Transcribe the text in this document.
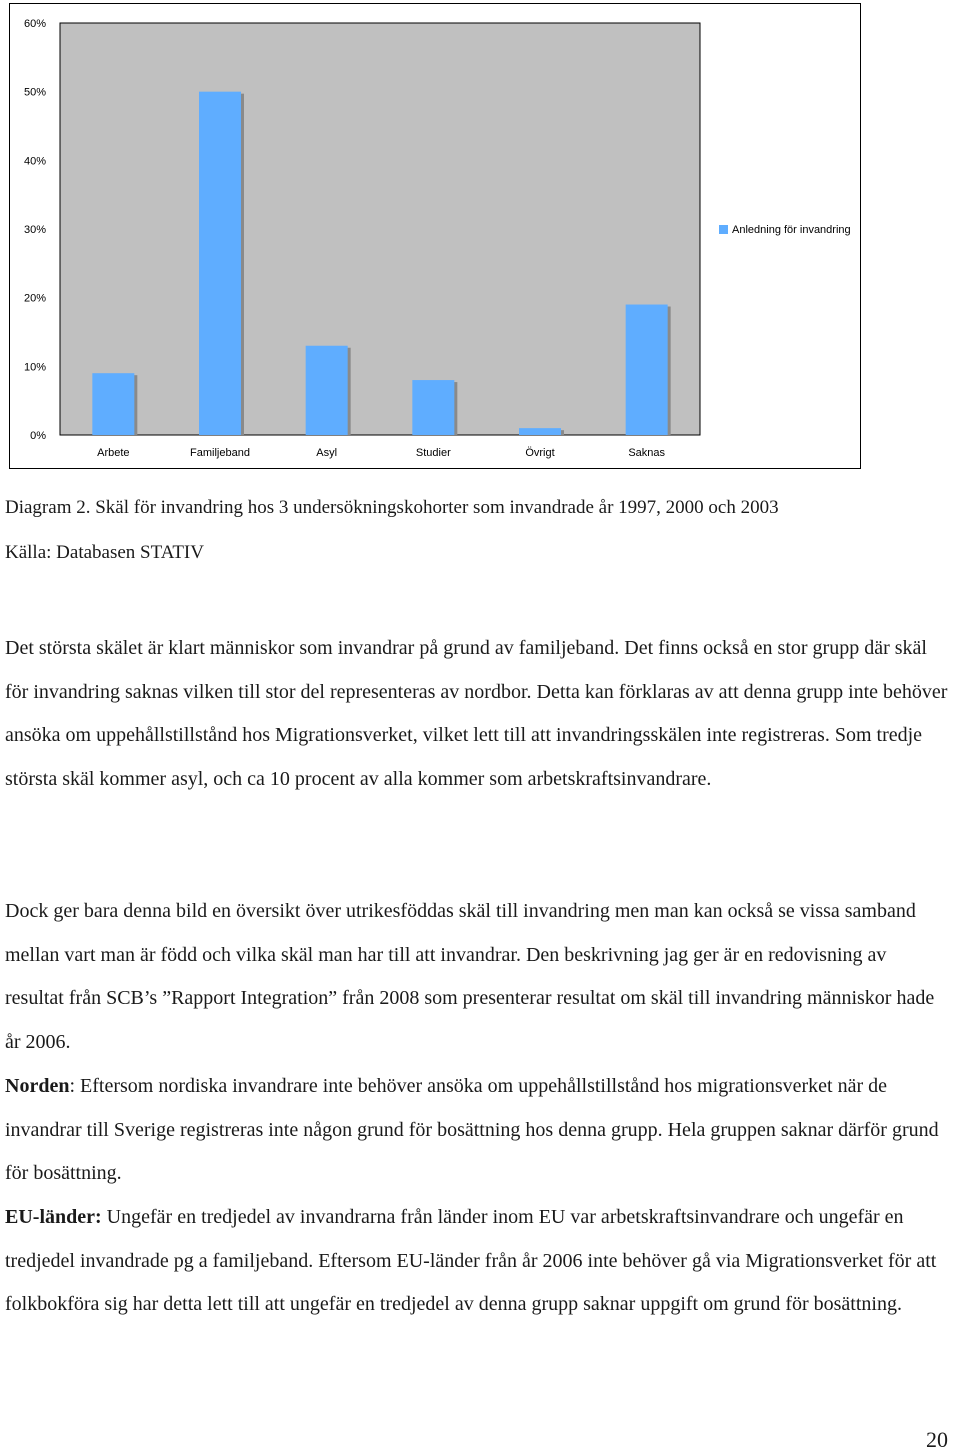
0%
10%
20%
30%
40%
50%
60%
Arbete	Familjeband	Asyl	Studier	Övrigt	Saknas
Anledning för invandring
Diagram 2. Skäl för invandring hos 3 undersökningskohorter som invandrade år 1997, 2000 och 2003
Källa: Databasen STATIV

Det största skälet är klart människor som invandrar på grund av familjeband. Det finns också en stor grupp där skäl för invandring saknas vilken till stor del representeras av nordbor. Detta kan förklaras av att denna grupp inte behöver ansöka om uppehållstillstånd hos Migrationsverket, vilket lett till att invandringsskälen inte registreras. Som tredje största skäl kommer asyl, och ca 10 procent av alla kommer som arbetskraftsinvandrare.

Dock ger bara denna bild en översikt över utrikesföddas skäl till invandring men man kan också se vissa samband mellan vart man är född och vilka skäl man har till att invandrar. Den beskrivning jag ger är en redovisning av resultat från SCB’s ”Rapport Integration” från 2008 som presenterar resultat om skäl till invandring människor hade år 2006.

Norden: Eftersom nordiska invandrare inte behöver ansöka om uppehållstillstånd hos migrationsverket när de invandrar till Sverige registreras inte någon grund för bosättning hos denna grupp. Hela gruppen saknar därför grund för bosättning.

EU-länder: Ungefär en tredjedel av invandrarna från länder inom EU var arbetskraftsinvandrare och ungefär en tredjedel invandrade pg a familjeband. Eftersom EU-länder från år 2006 inte behöver gå via Migrationsverket för att folkbokföra sig har detta lett till att ungefär en tredjedel av denna grupp saknar uppgift om grund för bosättning.

20
